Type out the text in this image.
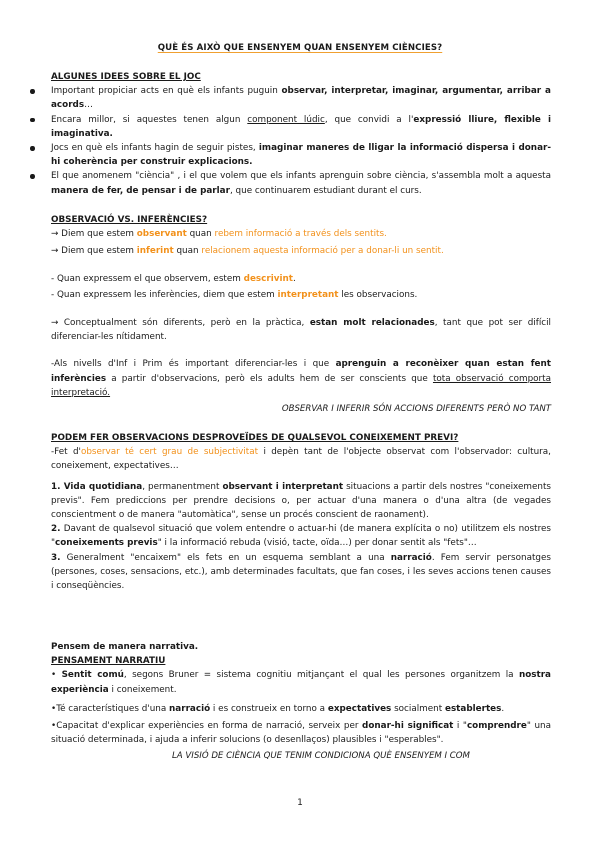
QUÈ ÉS AIXÒ QUE ENSENYEM QUAN ENSENYEM CIÈNCIES?

ALGUNES IDEES SOBRE EL JOC

Important propiciar acts en què els infants puguin observar, interpretar, imaginar, argumentar, arribar a acords…
Encara millor, si aquestes tenen algun component lúdic, que convidi a l'expressió lliure, flexible i imaginativa.
Jocs en què els infants hagin de seguir pistes, imaginar maneres de lligar la informació dispersa i donar-hi coherència per construir explicacions.
El que anomenem "ciència" , i el que volem que els infants aprenguin sobre ciència, s'assembla molt a aquesta manera de fer, de pensar i de parlar, que continuarem estudiant durant el curs.

OBSERVACIÓ VS. INFERÈNCIES?

→ Diem que estem observant quan rebem informació a través dels sentits.

→ Diem que estem inferint quan relacionem aquesta informació per a donar-li un sentit.

- Quan expressem el que observem, estem descrivint.

- Quan expressem les inferències, diem que estem interpretant les observacions.

→ Conceptualment són diferents, però en la pràctica, estan molt relacionades, tant que pot ser difícil diferenciar-les nítidament.

-Als nivells d'Inf i Prim és important diferenciar-les i que aprenguin a reconèixer quan estan fent inferències a partir d'observacions, però els adults hem de ser conscients que tota observació comporta interpretació.

OBSERVAR I INFERIR SÓN ACCIONS DIFERENTS PERÒ NO TANT

PODEM FER OBSERVACIONS DESPROVEÏDES DE QUALSEVOL CONEIXEMENT PREVI?

-Fet d'observar té cert grau de subjectivitat i depèn tant de l'objecte observat com l'observador: cultura, coneixement, expectatives…

1. Vida quotidiana, permanentment observant i interpretant situacions a partir dels nostres "coneixements previs". Fem prediccions per prendre decisions o, per actuar d'una manera o d'una altra (de vegades conscientment o de manera "automàtica", sense un procés conscient de raonament).

2. Davant de qualsevol situació que volem entendre o actuar-hi (de manera explícita o no) utilitzem els nostres "coneixements previs" i la informació rebuda (visió, tacte, oïda…) per donar sentit als "fets"…

3. Generalment "encaixem" els fets en un esquema semblant a una narració. Fem servir personatges (persones, coses, sensacions, etc.), amb determinades facultats, que fan coses, i les seves accions tenen causes i conseqüències.

Pensem de manera narrativa.

PENSAMENT NARRATIU

• Sentit comú, segons Bruner = sistema cognitiu mitjançant el qual les persones organitzem la nostra experiència i coneixement.

•Té característiques d'una narració i es construeix en torno a expectatives socialment establertes.

•Capacitat d'explicar experiències en forma de narració, serveix per donar-hi significat i "comprendre" una situació determinada, i ajuda a inferir solucions (o desenllaços) plausibles i "esperables".

LA VISIÓ DE CIÈNCIA QUE TENIM CONDICIONA QUÈ ENSENYEM I COM

1
